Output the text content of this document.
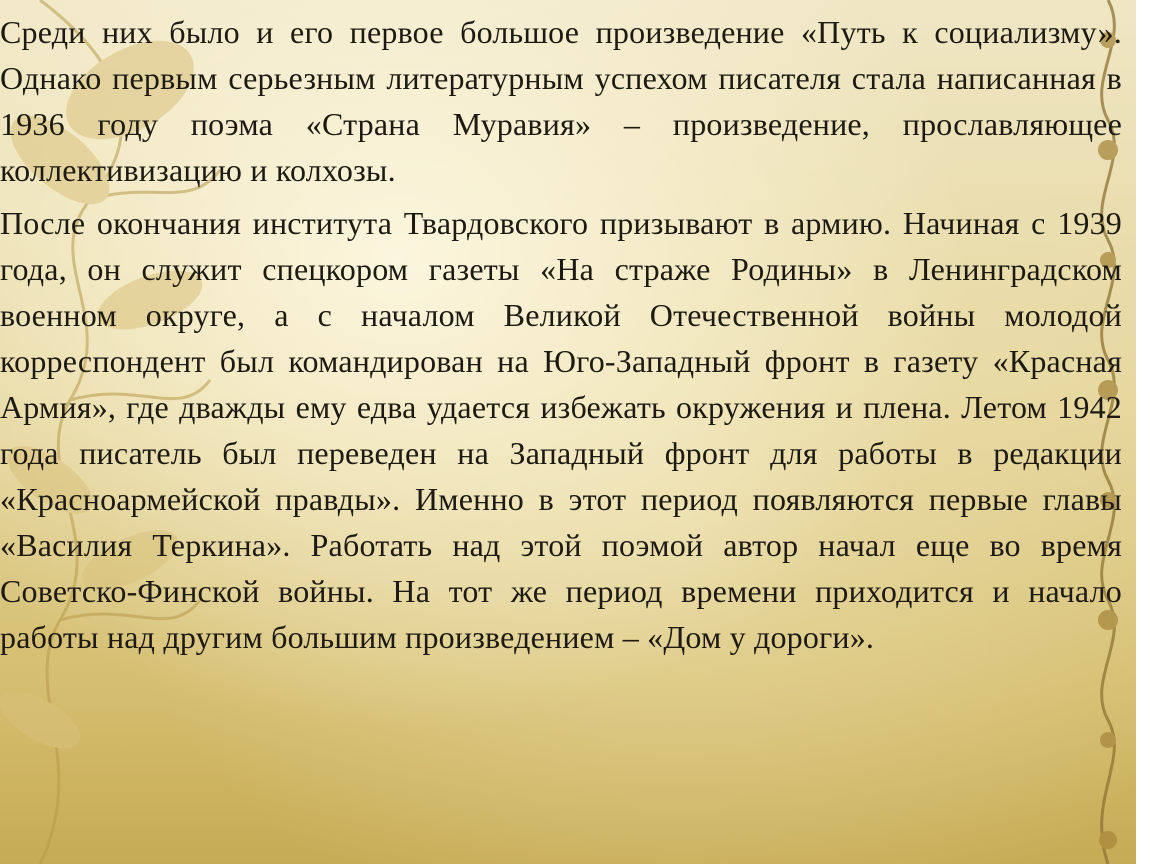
Среди них было и его первое большое произведение «Путь к социализму». Однако первым серьезным литературным успехом писателя стала написанная в 1936 году поэма «Страна Муравия» – произведение, прославляющее коллективизацию и колхозы.

После окончания института Твардовского призывают в армию. Начиная с 1939 года, он служит спецкором газеты «На страже Родины» в Ленинградском военном округе, а с началом Великой Отечественной войны молодой корреспондент был командирован на Юго-Западный фронт в газету «Красная Армия», где дважды ему едва удается избежать окружения и плена. Летом 1942 года писатель был переведен на Западный фронт для работы в редакции «Красноармейской правды». Именно в этот период появляются первые главы «Василия Теркина». Работать над этой поэмой автор начал еще во время Советско-Финской войны. На тот же период времени приходится и начало работы над другим большим произведением – «Дом у дороги».
